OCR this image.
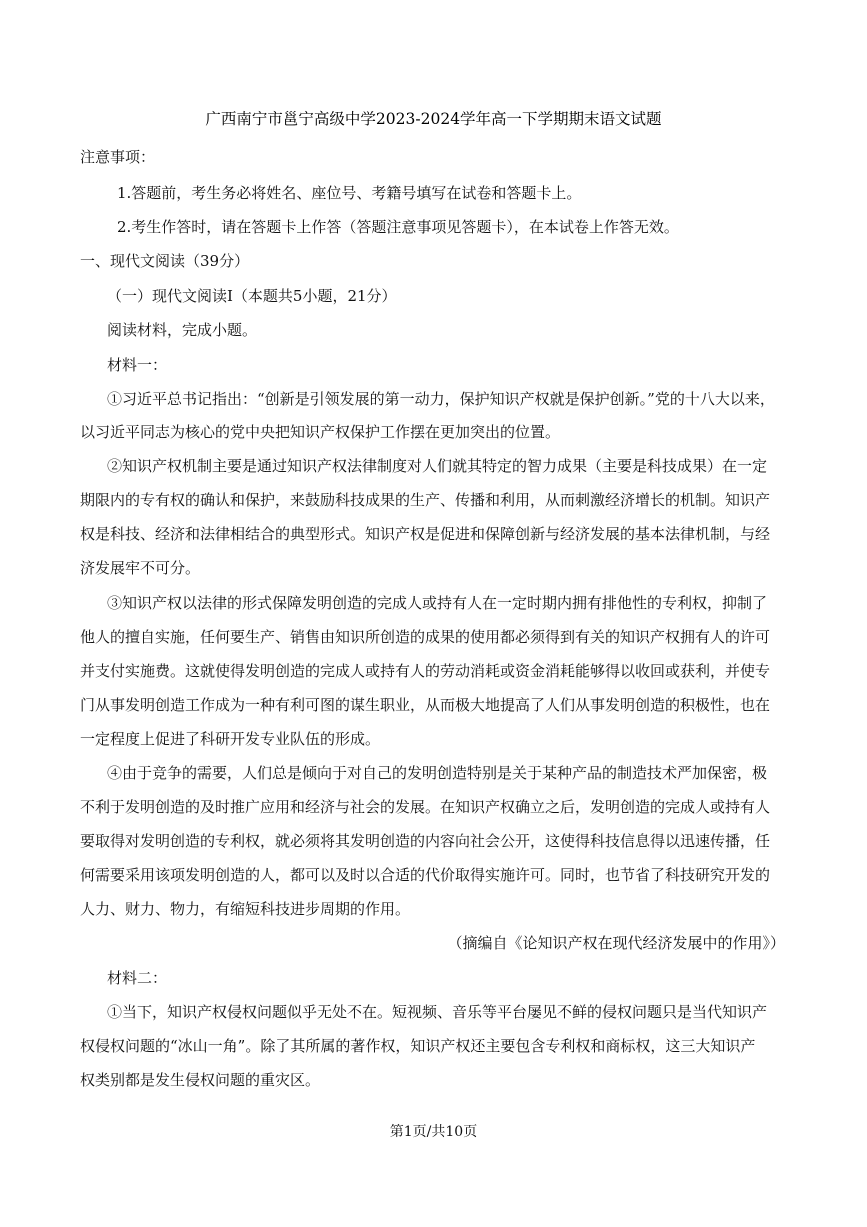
广西南宁市邕宁高级中学2023-2024学年高一下学期期末语文试题
注意事项：
1.答题前，考生务必将姓名、座位号、考籍号填写在试卷和答题卡上。
2.考生作答时，请在答题卡上作答（答题注意事项见答题卡），在本试卷上作答无效。
一、现代文阅读（39分）
（一）现代文阅读Ⅰ（本题共5小题，21分）
阅读材料，完成小题。
材料一：
①习近平总书记指出：“创新是引领发展的第一动力，保护知识产权就是保护创新。”党的十八大以来，
以习近平同志为核心的党中央把知识产权保护工作摆在更加突出的位置。
②知识产权机制主要是通过知识产权法律制度对人们就其特定的智力成果（主要是科技成果）在一定
期限内的专有权的确认和保护，来鼓励科技成果的生产、传播和利用，从而刺激经济增长的机制。知识产
权是科技、经济和法律相结合的典型形式。知识产权是促进和保障创新与经济发展的基本法律机制，与经
济发展牢不可分。
③知识产权以法律的形式保障发明创造的完成人或持有人在一定时期内拥有排他性的专利权，抑制了
他人的擅自实施，任何要生产、销售由知识所创造的成果的使用都必须得到有关的知识产权拥有人的许可
并支付实施费。这就使得发明创造的完成人或持有人的劳动消耗或资金消耗能够得以收回或获利，并使专
门从事发明创造工作成为一种有利可图的谋生职业，从而极大地提高了人们从事发明创造的积极性，也在
一定程度上促进了科研开发专业队伍的形成。
④由于竞争的需要，人们总是倾向于对自己的发明创造特别是关于某种产品的制造技术严加保密，极
不利于发明创造的及时推广应用和经济与社会的发展。在知识产权确立之后，发明创造的完成人或持有人
要取得对发明创造的专利权，就必须将其发明创造的内容向社会公开，这使得科技信息得以迅速传播，任
何需要采用该项发明创造的人，都可以及时以合适的代价取得实施许可。同时，也节省了科技研究开发的
人力、财力、物力，有缩短科技进步周期的作用。
（摘编自《论知识产权在现代经济发展中的作用》）
材料二：
①当下，知识产权侵权问题似乎无处不在。短视频、音乐等平台屡见不鲜的侵权问题只是当代知识产
权侵权问题的“冰山一角”。除了其所属的著作权，知识产权还主要包含专利权和商标权，这三大知识产
权类别都是发生侵权问题的重灾区。
第1页/共10页
